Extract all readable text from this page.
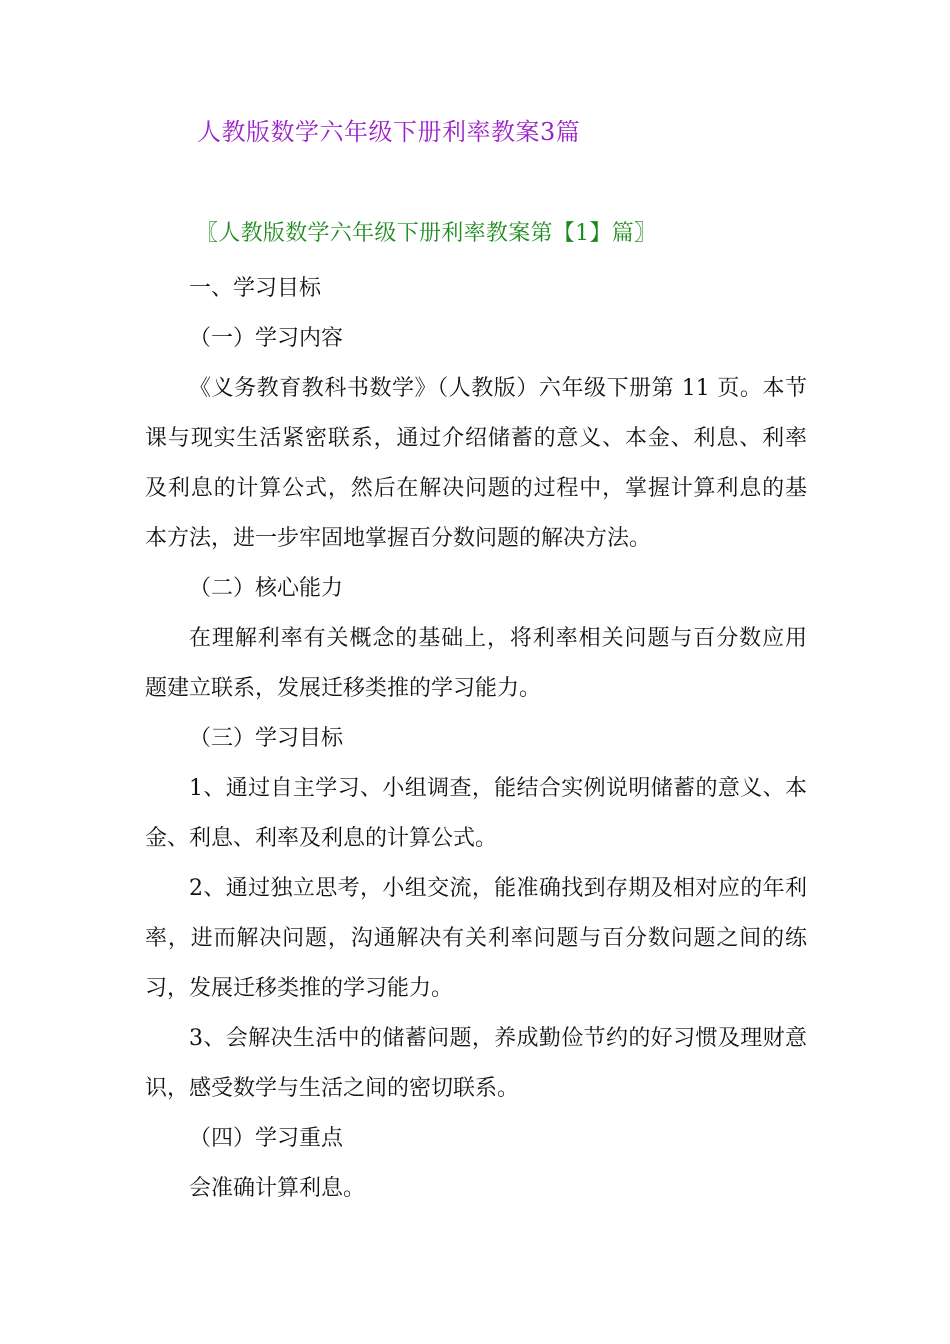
人教版数学六年级下册利率教案3篇
〖人教版数学六年级下册利率教案第【1】篇〗

一、学习目标

（一）学习内容

《义务教育教科书数学》（人教版）六年级下册第 11 页。本节

课与现实生活紧密联系，通过介绍储蓄的意义、本金、利息、利率

及利息的计算公式，然后在解决问题的过程中，掌握计算利息的基

本方法，进一步牢固地掌握百分数问题的解决方法。

（二）核心能力

在理解利率有关概念的基础上，将利率相关问题与百分数应用

题建立联系，发展迁移类推的学习能力。

（三）学习目标

1、通过自主学习、小组调查，能结合实例说明储蓄的意义、本

金、利息、利率及利息的计算公式。

2、通过独立思考，小组交流，能准确找到存期及相对应的年利

率，进而解决问题，沟通解决有关利率问题与百分数问题之间的练

习，发展迁移类推的学习能力。

3、会解决生活中的储蓄问题，养成勤俭节约的好习惯及理财意

识，感受数学与生活之间的密切联系。

（四）学习重点

会准确计算利息。
